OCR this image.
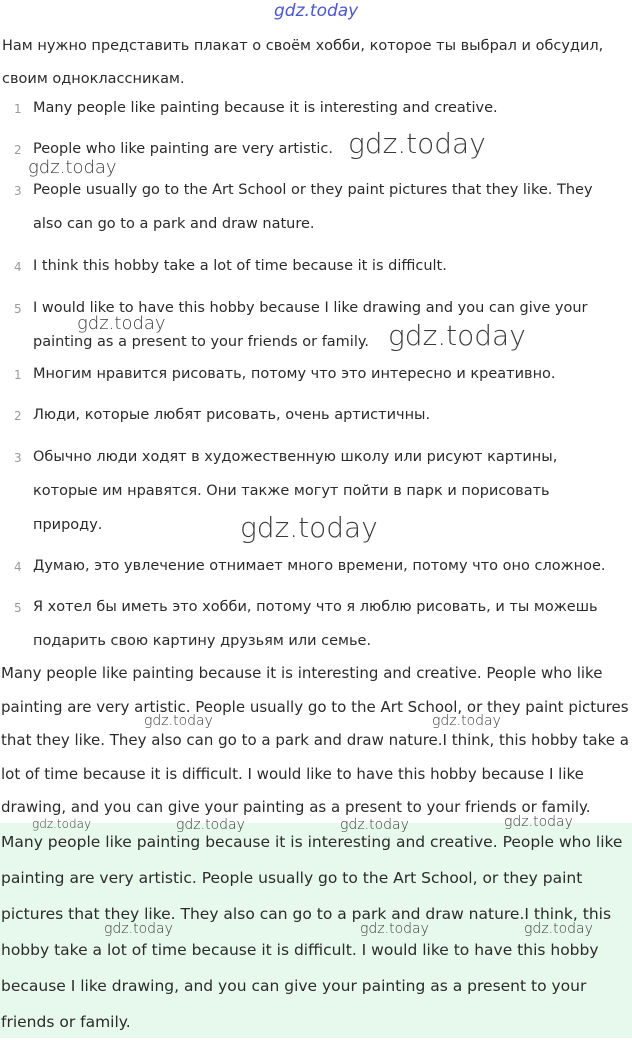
gdz.today
Нам нужно представить плакат о своём хобби, которое ты выбрал и обсудил, своим одноклассникам.
1 Many people like painting because it is interesting and creative.
2 People who like painting are very artistic.
3 People usually go to the Art School or they paint pictures that they like. They also can go to a park and draw nature.
4 I think this hobby take a lot of time because it is difficult.
5 I would like to have this hobby because I like drawing and you can give your painting as a present to your friends or family.
1 Многим нравится рисовать, потому что это интересно и креативно.
2 Люди, которые любят рисовать, очень артистичны.
3 Обычно люди ходят в художественную школу или рисуют картины, которые им нравятся. Они также могут пойти в парк и порисовать природу.
4 Думаю, это увлечение отнимает много времени, потому что оно сложное.
5 Я хотел бы иметь это хобби, потому что я люблю рисовать, и ты можешь подарить свою картину друзьям или семье.
Many people like painting because it is interesting and creative. People who like painting are very artistic. People usually go to the Art School, or they paint pictures that they like. They also can go to a park and draw nature.I think, this hobby take a lot of time because it is difficult. I would like to have this hobby because I like drawing, and you can give your painting as a present to your friends or family.
Many people like painting because it is interesting and creative. People who like painting are very artistic. People usually go to the Art School, or they paint pictures that they like. They also can go to a park and draw nature.I think, this hobby take a lot of time because it is difficult. I would like to have this hobby because I like drawing, and you can give your painting as a present to your friends or family.
gdz.today
gdz.today
gdz.today	gdz.today
gdz.today
gdz.today	gdz.today
gdz.today	gdz.today	gdz.today	gdz.today
gdz.today	gdz.today	gdz.today
